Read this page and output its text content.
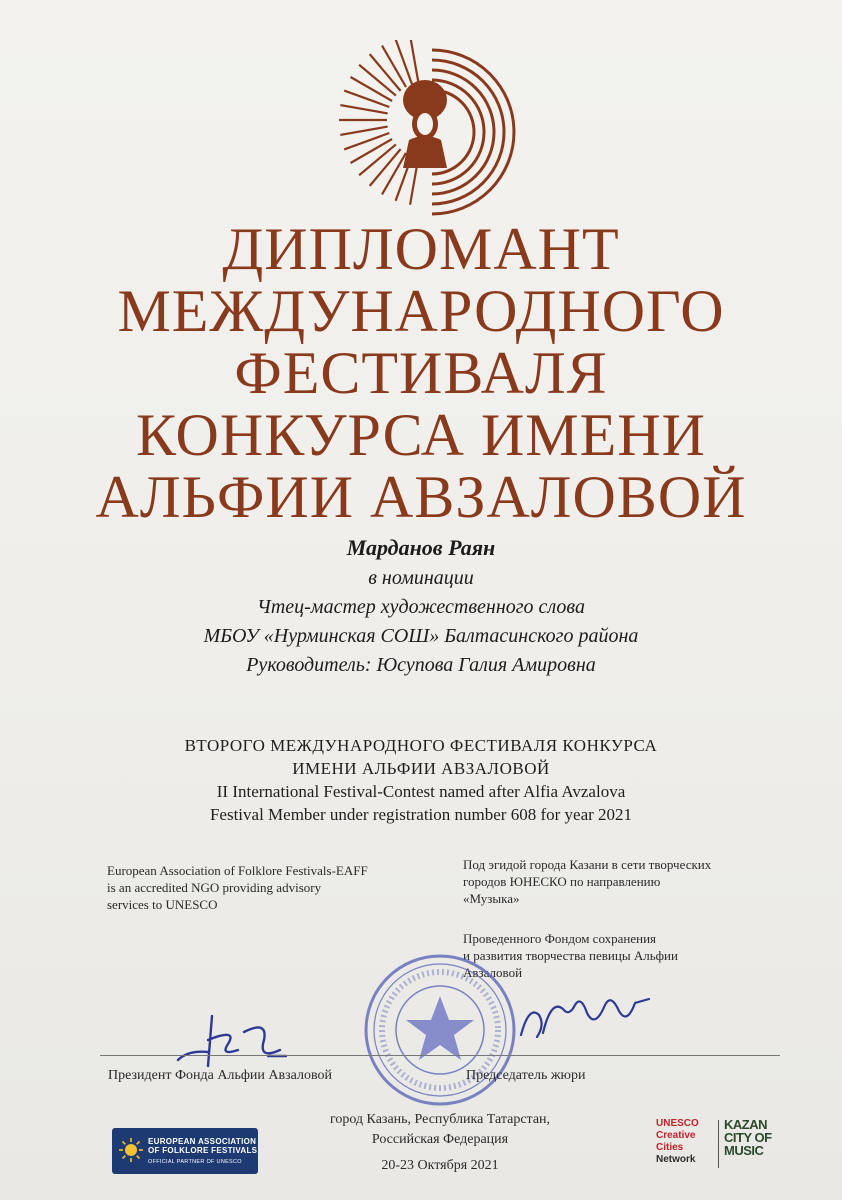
ДИПЛОМАНТ
МЕЖДУНАРОДНОГО
ФЕСТИВАЛЯ
КОНКУРСА ИМЕНИ
АЛЬФИИ АВЗАЛОВОЙ
Марданов Раян
в номинации
Чтец-мастер художественного слова
МБОУ «Нурминская СОШ» Балтасинского района
Руководитель: Юсупова Галия Амировна
ВТОРОГО МЕЖДУНАРОДНОГО ФЕСТИВАЛЯ КОНКУРСА
ИМЕНИ АЛЬФИИ АВЗАЛОВОЙ
II International Festival-Contest named after Alfia Avzalova
Festival Member under registration number 608 for year 2021
European Association of Folklore Festivals-EAFF
is an accredited NGO providing advisory
services to UNESCO
Под эгидой города Казани в сети творческих
городов ЮНЕСКО по направлению
«Музыка»
Проведенного Фондом сохранения
и развития творчества певицы Альфии
Авзаловой
Президент Фонда Альфии Авзаловой	Председатель жюри
город Казань, Республика Татарстан,
Российская Федерация
20-23 Октября 2021
EUROPEAN ASSOCIATION
OF FOLKLORE FESTIVALS
OFFICIAL PARTNER OF UNESCO
UNESCO
Creative
Cities
Network
KAZAN
CITY OF
MUSIC
